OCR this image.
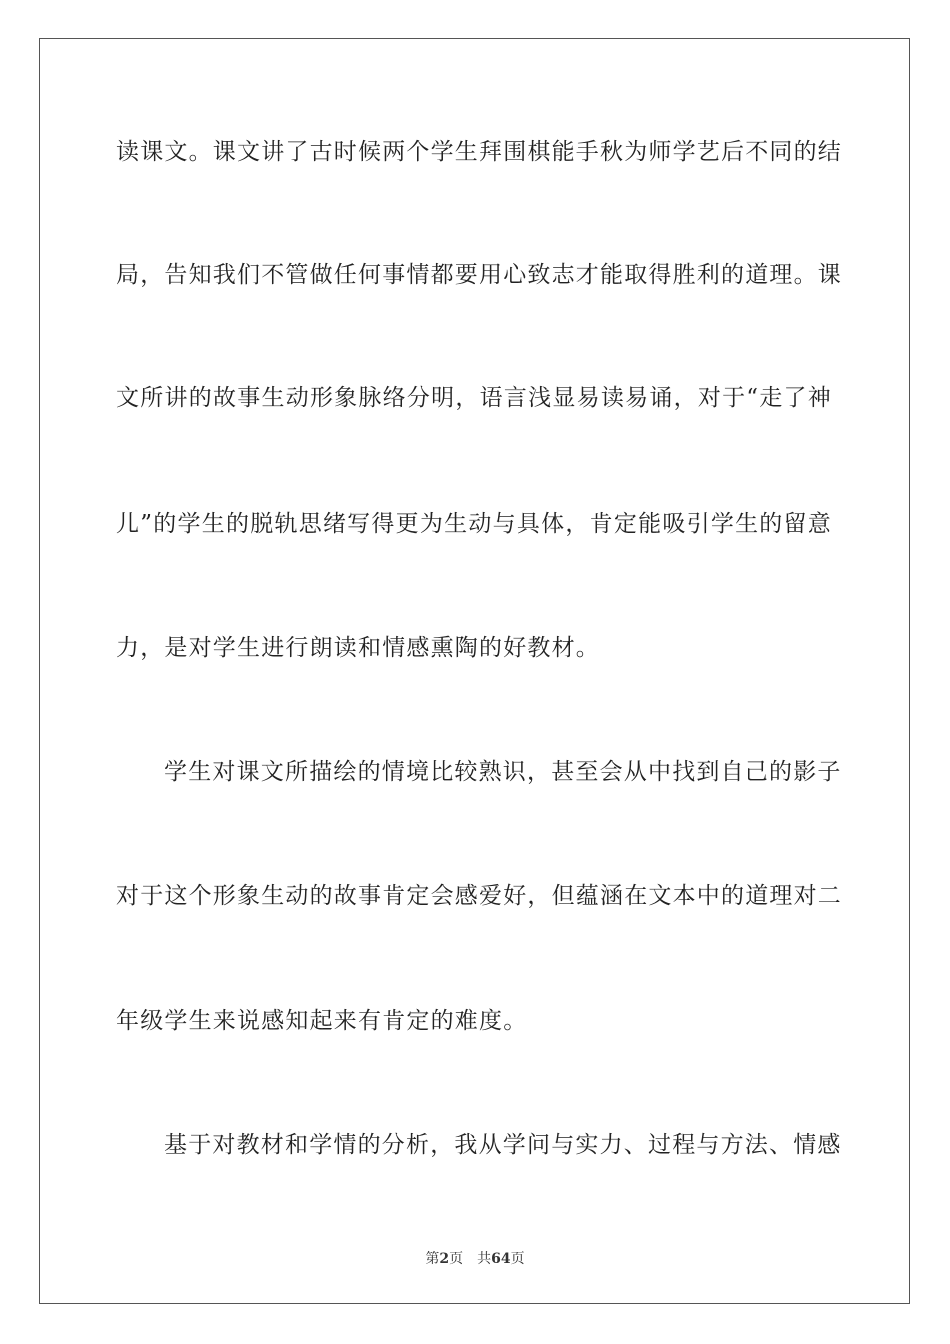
读课文。课文讲了古时候两个学生拜围棋能手秋为师学艺后不同的结
局，告知我们不管做任何事情都要用心致志才能取得胜利的道理。课
文所讲的故事生动形象脉络分明，语言浅显易读易诵，对于“走了神
儿”的学生的脱轨思绪写得更为生动与具体，肯定能吸引学生的留意
力，是对学生进行朗读和情感熏陶的好教材。
学生对课文所描绘的情境比较熟识，甚至会从中找到自己的影子
对于这个形象生动的故事肯定会感爱好，但蕴涵在文本中的道理对二
年级学生来说感知起来有肯定的难度。
基于对教材和学情的分析，我从学问与实力、过程与方法、情感
第2页 共64页
